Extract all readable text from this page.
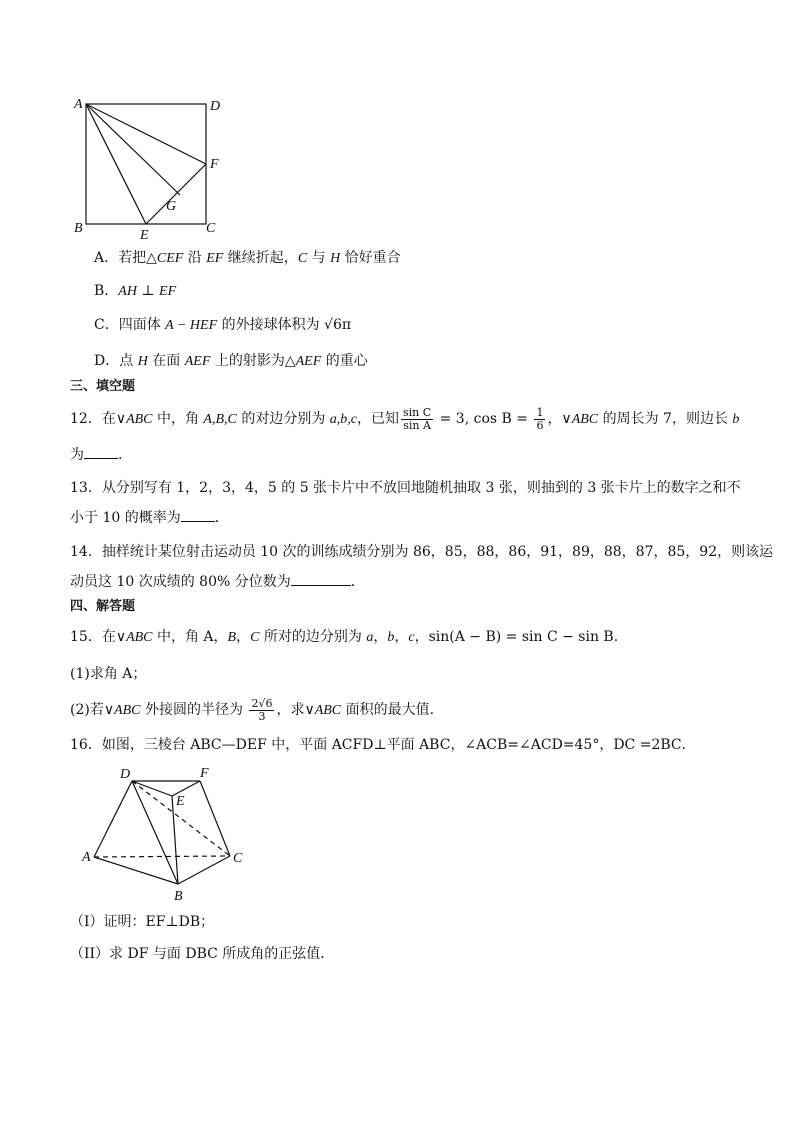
A	D
F
G
B	E	C
A．若把△CEF 沿 EF 继续折起，C 与 H 恰好重合
B．AH ⊥ EF
C．四面体 A − HEF 的外接球体积为 √6π
D．点 H 在面 AEF 上的射影为△AEF 的重心
三、填空题
12．在∨ABC 中，角 A,B,C 的对边分别为 a,b,c，已知 $\frac{\text{sin C}}{\text{sin A}} = 3$, $\cos B = \frac{1}{6}$ ，∨ABC 的周长为 7，则边长 b
为 .
13．从分别写有 1，2，3，4，5 的 5 张卡片中不放回地随机抽取 3 张，则抽到的 3 张卡片上的数字之和不
小于 10 的概率为 ．
14．抽样统计某位射击运动员 10 次的训练成绩分别为 86，85，88，86，91，89，88，87，85，92，则该运
动员这 10 次成绩的 80% 分位数为	．
四、解答题
15．在∨ABC 中，角 A，B，C 所对的边分别为 a，b，c，sin(A − B) = sin C − sin B.
(1)求角 A；
(2)若∨ABC 外接圆的半径为 $\frac{2√6}{3}$ ，求∨ABC 面积的最大值.
16．如图，三棱台 ABC—DEF 中，平面 ACFD⊥平面 ABC，∠ACB=∠ACD=45°，DC =2BC．
D	F
E
A	C
B
（I）证明：EF⊥DB；
（II）求 DF 与面 DBC 所成角的正弦值．
